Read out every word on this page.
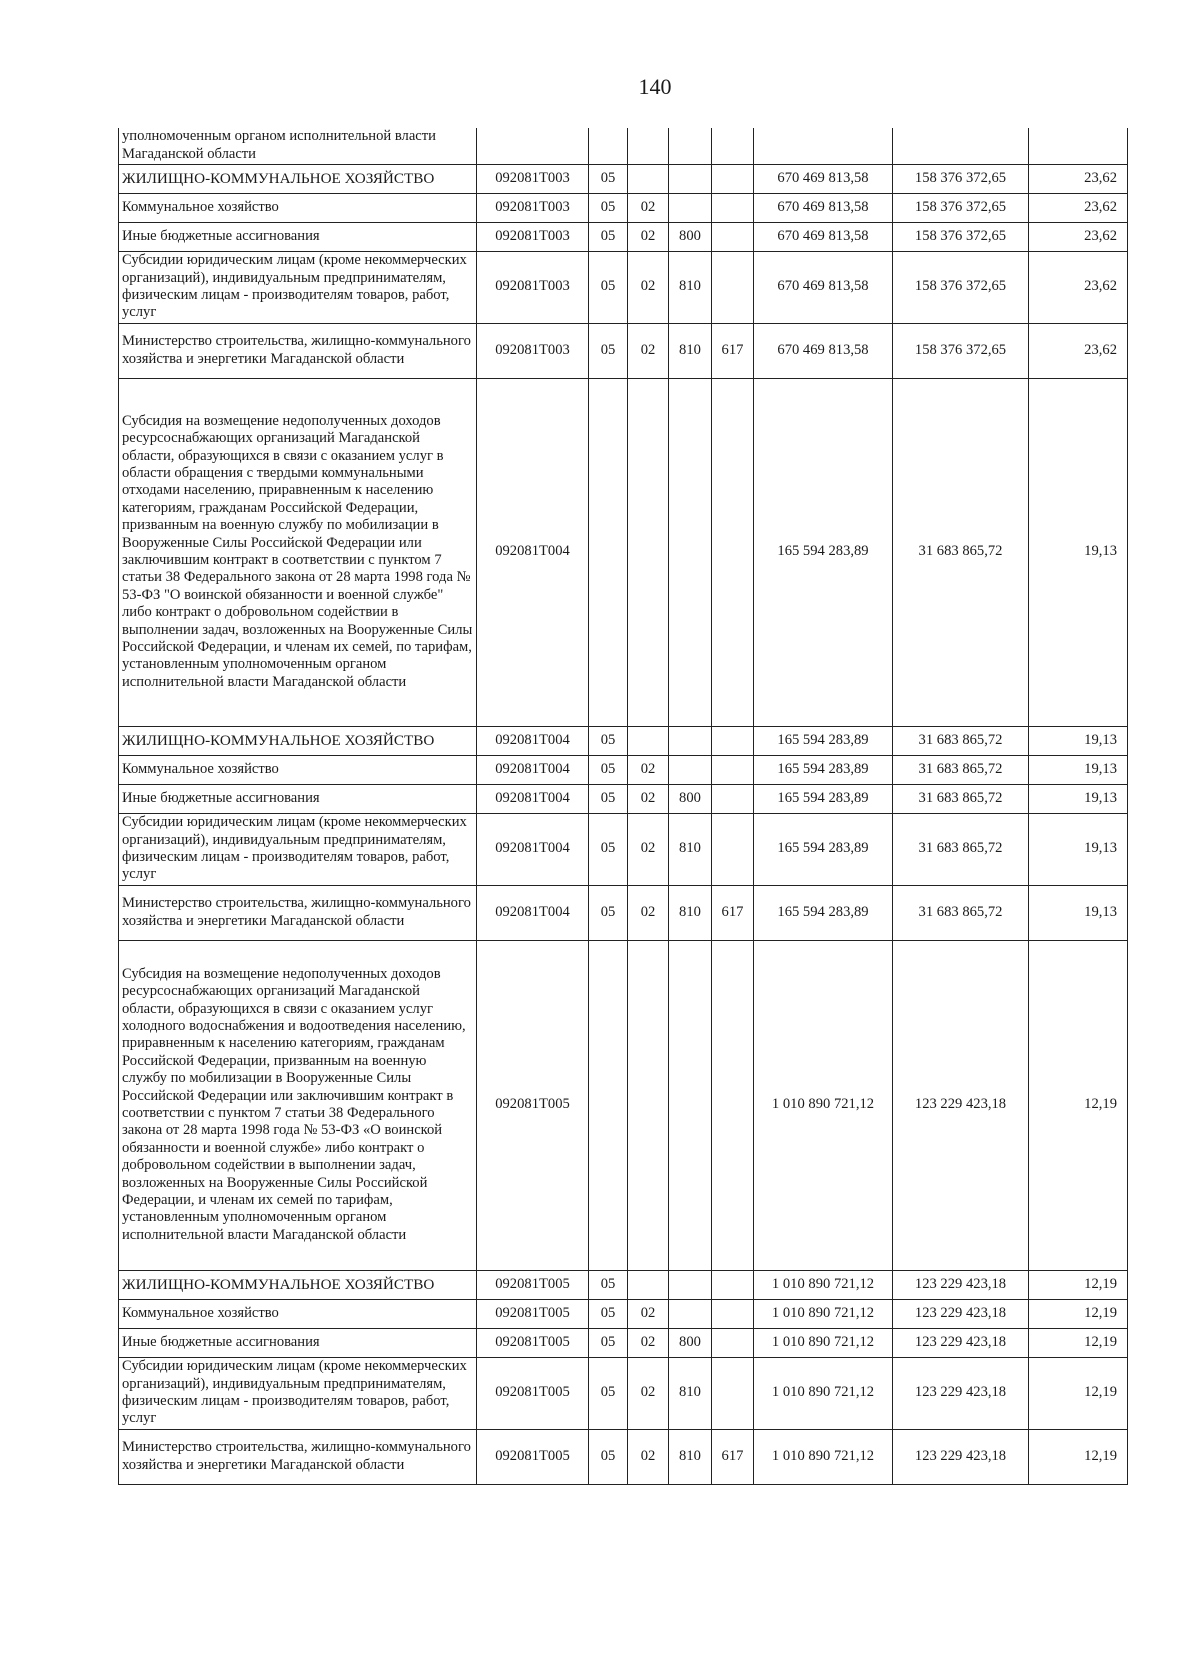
140
уполномоченным органом исполнительной власти Магаданской области								
ЖИЛИЩНО-КОММУНАЛЬНОЕ ХОЗЯЙСТВО	092081Т003	05				670 469 813,58	158 376 372,65	23,62
Коммунальное хозяйство	092081Т003	05	02			670 469 813,58	158 376 372,65	23,62
Иные бюджетные ассигнования	092081Т003	05	02	800		670 469 813,58	158 376 372,65	23,62
Субсидии юридическим лицам (кроме некоммерческих организаций), индивидуальным предпринимателям, физическим лицам - производителям товаров, работ, услуг	092081Т003	05	02	810		670 469 813,58	158 376 372,65	23,62
Министерство строительства, жилищно-коммунального хозяйства и энергетики Магаданской области	092081Т003	05	02	810	617	670 469 813,58	158 376 372,65	23,62
Субсидия на возмещение недополученных доходов ресурсоснабжающих организаций Магаданской области, образующихся в связи с оказанием услуг в области обращения с твердыми коммунальными отходами населению, приравненным к населению категориям, гражданам Российской Федерации, призванным на военную службу по мобилизации в Вооруженные Силы Российской Федерации или заключившим контракт в соответствии с пунктом 7 статьи 38 Федерального закона от 28 марта 1998 года № 53-ФЗ "О воинской обязанности и военной службе" либо контракт о добровольном содействии в выполнении задач, возложенных на Вооруженные Силы Российской Федерации, и членам их семей, по тарифам, установленным уполномоченным органом исполнительной власти Магаданской области	092081Т004					165 594 283,89	31 683 865,72	19,13
ЖИЛИЩНО-КОММУНАЛЬНОЕ ХОЗЯЙСТВО	092081Т004	05				165 594 283,89	31 683 865,72	19,13
Коммунальное хозяйство	092081Т004	05	02			165 594 283,89	31 683 865,72	19,13
Иные бюджетные ассигнования	092081Т004	05	02	800		165 594 283,89	31 683 865,72	19,13
Субсидии юридическим лицам (кроме некоммерческих организаций), индивидуальным предпринимателям, физическим лицам - производителям товаров, работ, услуг	092081Т004	05	02	810		165 594 283,89	31 683 865,72	19,13
Министерство строительства, жилищно-коммунального хозяйства и энергетики Магаданской области	092081Т004	05	02	810	617	165 594 283,89	31 683 865,72	19,13
Субсидия на возмещение недополученных доходов ресурсоснабжающих организаций Магаданской области, образующихся в связи с оказанием услуг холодного водоснабжения и водоотведения населению, приравненным к населению категориям, гражданам Российской Федерации, призванным на военную службу по мобилизации в Вооруженные Силы Российской Федерации или заключившим контракт в соответствии с пунктом 7 статьи 38 Федерального закона от 28 марта 1998 года № 53-ФЗ «О воинской обязанности и военной службе» либо контракт о добровольном содействии в выполнении задач, возложенных на Вооруженные Силы Российской Федерации, и членам их семей по тарифам, установленным уполномоченным органом исполнительной власти Магаданской области	092081Т005					1 010 890 721,12	123 229 423,18	12,19
ЖИЛИЩНО-КОММУНАЛЬНОЕ ХОЗЯЙСТВО	092081Т005	05				1 010 890 721,12	123 229 423,18	12,19
Коммунальное хозяйство	092081Т005	05	02			1 010 890 721,12	123 229 423,18	12,19
Иные бюджетные ассигнования	092081Т005	05	02	800		1 010 890 721,12	123 229 423,18	12,19
Субсидии юридическим лицам (кроме некоммерческих организаций), индивидуальным предпринимателям, физическим лицам - производителям товаров, работ, услуг	092081Т005	05	02	810		1 010 890 721,12	123 229 423,18	12,19
Министерство строительства, жилищно-коммунального хозяйства и энергетики Магаданской области	092081Т005	05	02	810	617	1 010 890 721,12	123 229 423,18	12,19
